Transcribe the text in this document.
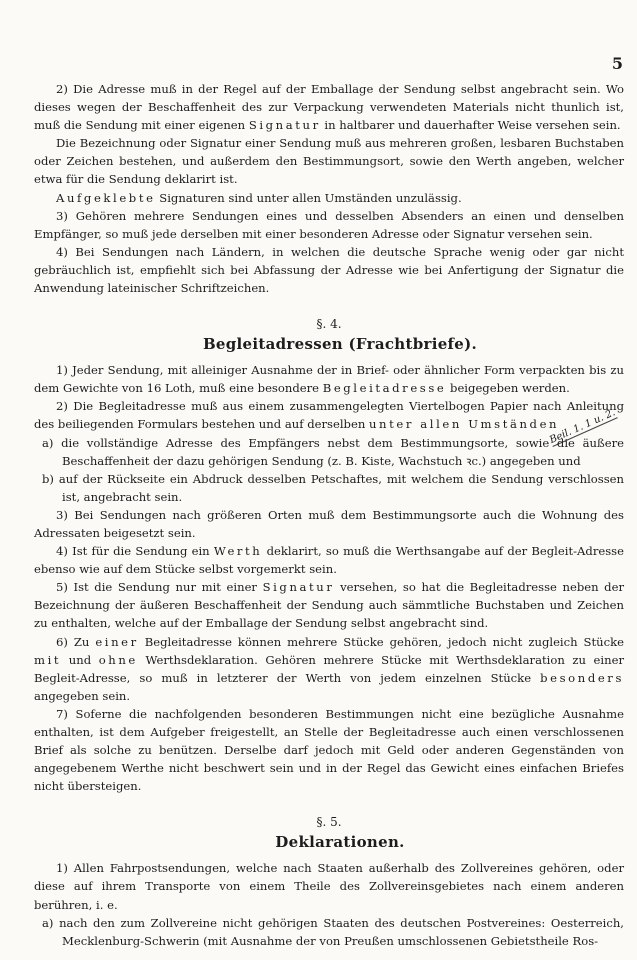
5
Beil. 1. 1 u. 2.

2) Die Adresse muß in der Regel auf der Emballage der Sendung selbst angebracht sein. Wo dieses wegen der Beschaffenheit des zur Verpackung verwendeten Materials nicht thunlich ist, muß die Sendung mit einer eigenen Signatur in haltbarer und dauerhafter Weise versehen sein.

Die Bezeichnung oder Signatur einer Sendung muß aus mehreren großen, lesbaren Buchstaben oder Zeichen bestehen, und außerdem den Bestimmungsort, sowie den Werth angeben, welcher etwa für die Sendung deklarirt ist.

Aufgeklebte Signaturen sind unter allen Umständen unzulässig.

3) Gehören mehrere Sendungen eines und desselben Absenders an einen und denselben Empfänger, so muß jede derselben mit einer besonderen Adresse oder Signatur versehen sein.

4) Bei Sendungen nach Ländern, in welchen die deutsche Sprache wenig oder gar nicht gebräuchlich ist, empfiehlt sich bei Abfassung der Adresse wie bei Anfertigung der Signatur die Anwendung lateinischer Schriftzeichen.

§. 4.

Begleitadressen (Frachtbriefe).

1) Jeder Sendung, mit alleiniger Ausnahme der in Brief- oder ähnlicher Form verpackten bis zu dem Gewichte von 16 Loth, muß eine besondere Begleitadresse beigegeben werden.

2) Die Begleitadresse muß aus einem zusammengelegten Viertelbogen Papier nach Anleitung des beiliegenden Formulars bestehen und auf derselben unter allen Umständen

a) die vollständige Adresse des Empfängers nebst dem Bestimmungsorte, sowie die äußere Beschaffenheit der dazu gehörigen Sendung (z. B. Kiste, Wachstuch ꝛc.) angegeben und

b) auf der Rückseite ein Abdruck desselben Petschaftes, mit welchem die Sendung verschlossen ist, angebracht sein.

3) Bei Sendungen nach größeren Orten muß dem Bestimmungsorte auch die Wohnung des Adressaten beigesetzt sein.

4) Ist für die Sendung ein Werth deklarirt, so muß die Werthsangabe auf der Begleit-Adresse ebenso wie auf dem Stücke selbst vorgemerkt sein.

5) Ist die Sendung nur mit einer Signatur versehen, so hat die Begleitadresse neben der Bezeichnung der äußeren Beschaffenheit der Sendung auch sämmtliche Buchstaben und Zeichen zu enthalten, welche auf der Emballage der Sendung selbst angebracht sind.

6) Zu einer Begleitadresse können mehrere Stücke gehören, jedoch nicht zugleich Stücke mit und ohne Werthsdeklaration. Gehören mehrere Stücke mit Werthsdeklaration zu einer Begleit-Adresse, so muß in letzterer der Werth von jedem einzelnen Stücke besonders angegeben sein.

7) Soferne die nachfolgenden besonderen Bestimmungen nicht eine bezügliche Ausnahme enthalten, ist dem Aufgeber freigestellt, an Stelle der Begleitadresse auch einen verschlossenen Brief als solche zu benützen. Derselbe darf jedoch mit Geld oder anderen Gegenständen von angegebenem Werthe nicht beschwert sein und in der Regel das Gewicht eines einfachen Briefes nicht übersteigen.

§. 5.

Deklarationen.

1) Allen Fahrpostsendungen, welche nach Staaten außerhalb des Zollvereines gehören, oder diese auf ihrem Transporte von einem Theile des Zollvereinsgebietes nach einem anderen berühren, i. e.

a) nach den zum Zollvereine nicht gehörigen Staaten des deutschen Postvereines: Oesterreich, Mecklenburg-Schwerin (mit Ausnahme der von Preußen umschlossenen Gebietstheile Ros-
